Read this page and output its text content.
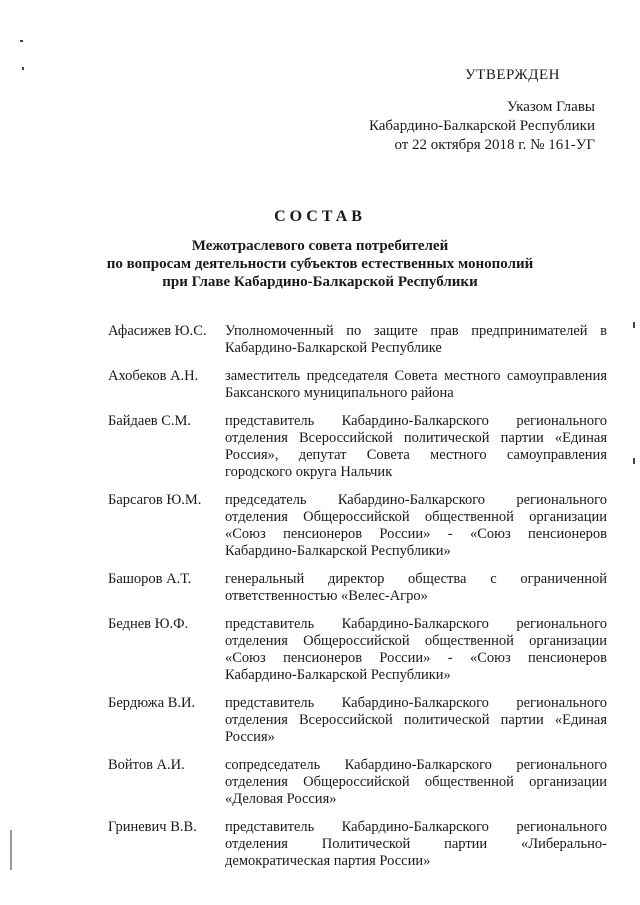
УТВЕРЖДЕН
Указом Главы
Кабардино-Балкарской Республики
от 22 октября 2018 г. № 161-УГ
СОСТАВ
Межотраслевого совета потребителей
по вопросам деятельности субъектов естественных монополий
при Главе Кабардино-Балкарской Республики
Афасижев Ю.С.	Уполномоченный по защите прав предпринимателей в Кабардино-Балкарской Республике
Ахобеков А.Н.	заместитель председателя Совета местного самоуправления Баксанского муниципального района
Байдаев С.М.	представитель Кабардино-Балкарского регионального отделения Всероссийской политической партии «Единая Россия», депутат Совета местного самоуправления городского округа Нальчик
Барсагов Ю.М.	председатель Кабардино-Балкарского регионального отделения Общероссийской общественной организации «Союз пенсионеров России» - «Союз пенсионеров Кабардино-Балкарской Республики»
Башоров А.Т.	генеральный директор общества с ограниченной ответственностью «Велес-Агро»
Беднев Ю.Ф.	представитель Кабардино-Балкарского регионального отделения Общероссийской общественной организации «Союз пенсионеров России» - «Союз пенсионеров Кабардино-Балкарской Республики»
Бердюжа В.И.	представитель Кабардино-Балкарского регионального отделения Всероссийской политической партии «Единая Россия»
Войтов А.И.	сопредседатель Кабардино-Балкарского регионального отделения Общероссийской общественной организации «Деловая Россия»
Гриневич В.В.	представитель Кабардино-Балкарского регионального отделения Политической партии «Либерально-демократическая партия России»
